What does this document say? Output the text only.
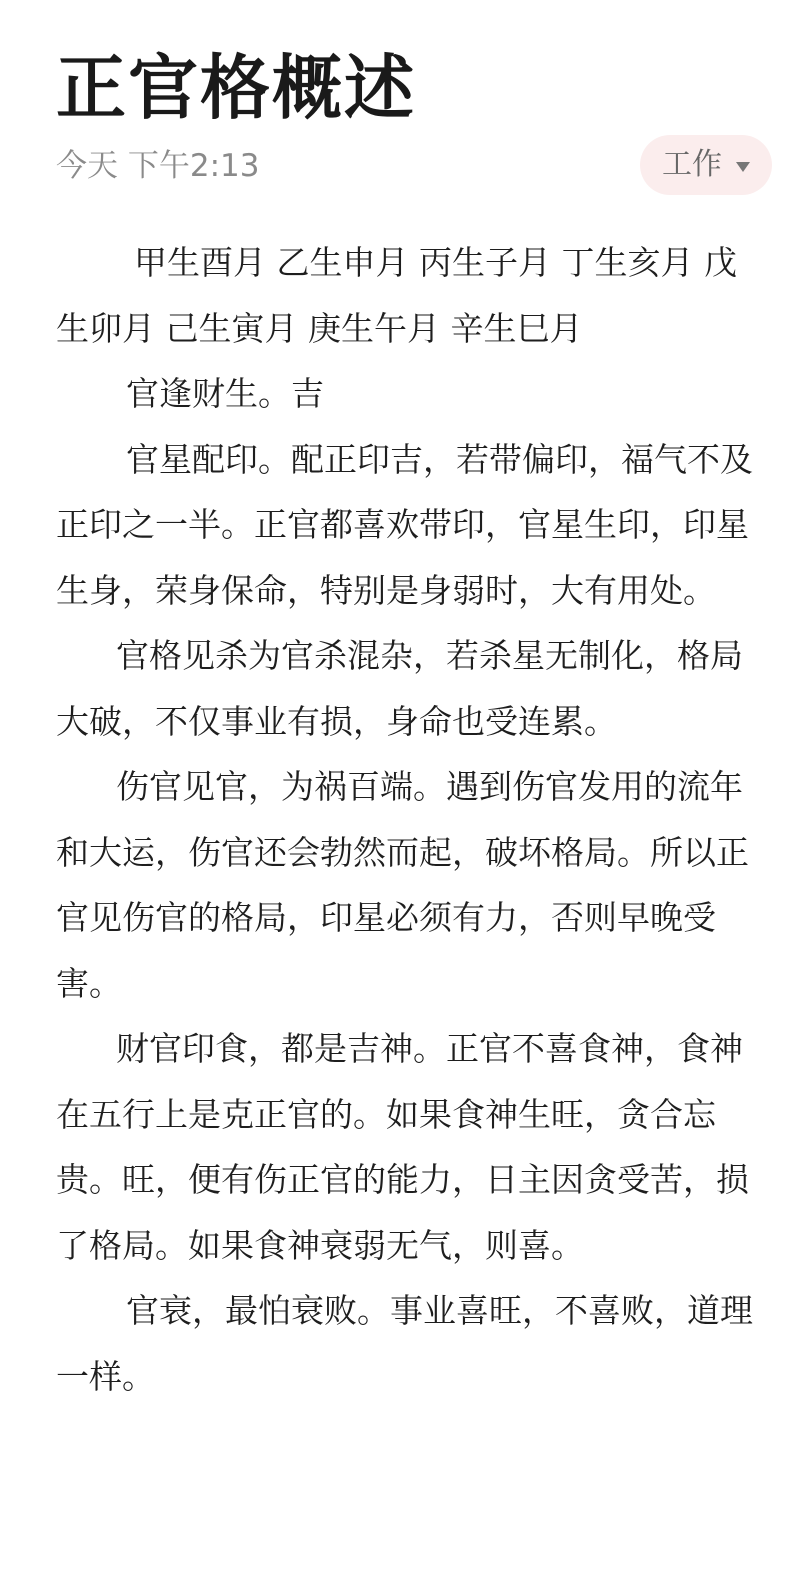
正官格概述
今天 下午2:13	工作

甲生酉月 乙生申月 丙生子月 丁生亥月 戊生卯月 己生寅月 庚生午月 辛生巳月

官逢财生。吉

官星配印。配正印吉，若带偏印，福气不及正印之一半。正官都喜欢带印，官星生印，印星生身，荣身保命，特别是身弱时，大有用处。

官格见杀为官杀混杂，若杀星无制化，格局大破，不仅事业有损，身命也受连累。

伤官见官，为祸百端。遇到伤官发用的流年和大运，伤官还会勃然而起，破坏格局。所以正官见伤官的格局，印星必须有力，否则早晚受害。

财官印食，都是吉神。正官不喜食神，食神在五行上是克正官的。如果食神生旺，贪合忘贵。旺，便有伤正官的能力，日主因贪受苦，损了格局。如果食神衰弱无气，则喜。

官衰，最怕衰败。事业喜旺，不喜败，道理一样。
